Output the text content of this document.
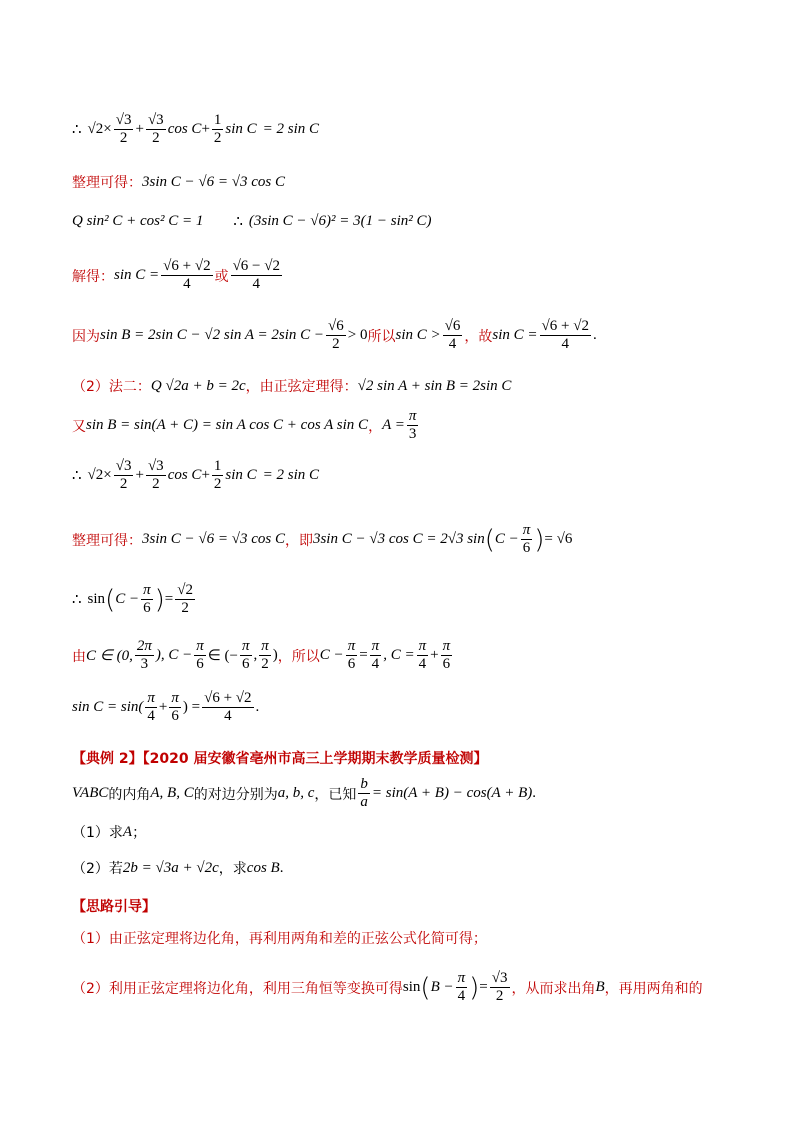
∴ $√2 \times \frac{√3}{2} + \frac{√3}{2}$ $\cos C + \frac{1}{2}$ sin C = 2 sin C
整理可得： 3sin C − √6 = √3 cos C
Q sin² C + cos² C = 1 ∴ (3sin C − √6)² = 3(1 − sin² C)
解得： $\sin C = \frac{√6 + √2}{4}$ 或 $\frac{√6 - √2}{4}$
因为 sin B = 2sin C − √2 sin A = 2sin $C - \frac{√6}{2} > 0$ 所以 $\sin C > \frac{√6}{4}$ ，故 $\sin C = \frac{√6 + √2}{4}$ .
（2）法二： Q √2a + b = 2c ，由正弦定理得： √2 sin A + sin B = 2sin C
又 sin B = sin(A + C) = sin A cos C + cos A sin C ， $A = \frac{\pi}{3}$
∴ $√2 \times \frac{√3}{2} + \frac{√3}{2}$ $\cos C + \frac{1}{2}$ sin C = 2 sin C
整理可得： 3sin C − √6 = √3 cos C ，即 3sin C − √3 cos C = 2√3 sin ( $C - \frac{\pi}{6}$ ) = √6
∴ sin ( $C - \frac{\pi}{6}$ ) = $\frac{√2}{2}$
由 C ∈ (0, $\frac{2\pi}{3}$ ), $C - \frac{\pi}{6}$ ∈ (− $\frac{\pi}{6}$ , $\frac{\pi}{2}$ ) ，所以 $C - \frac{\pi}{6} = \frac{\pi}{4}$ , $C = \frac{\pi}{4} + \frac{\pi}{6}$
$\sin C = \sin( \frac{\pi}{4} + \frac{\pi}{6}$ ) = $\frac{√6 + √2}{4}$ .
【典例 2】【2020 届安徽省亳州市高三上学期期末教学质量检测】
VABC 的内角 A, B, C 的对边分别为 a, b, c ，已知 $\frac{b}{a} = \sin(A + B) - \cos(A + B)$ .
（1）求 A ；
（2）若 2b = √3a + √2c ，求 cos B .
【思路引导】
（1）由正弦定理将边化角，再利用两角和差的正弦公式化简可得；
（2）利用正弦定理将边化角，利用三角恒等变换可得 sin ( $B - \frac{\pi}{4}$ ) = $\frac{√3}{2}$ ，从而求出角 B ，再用两角和的
